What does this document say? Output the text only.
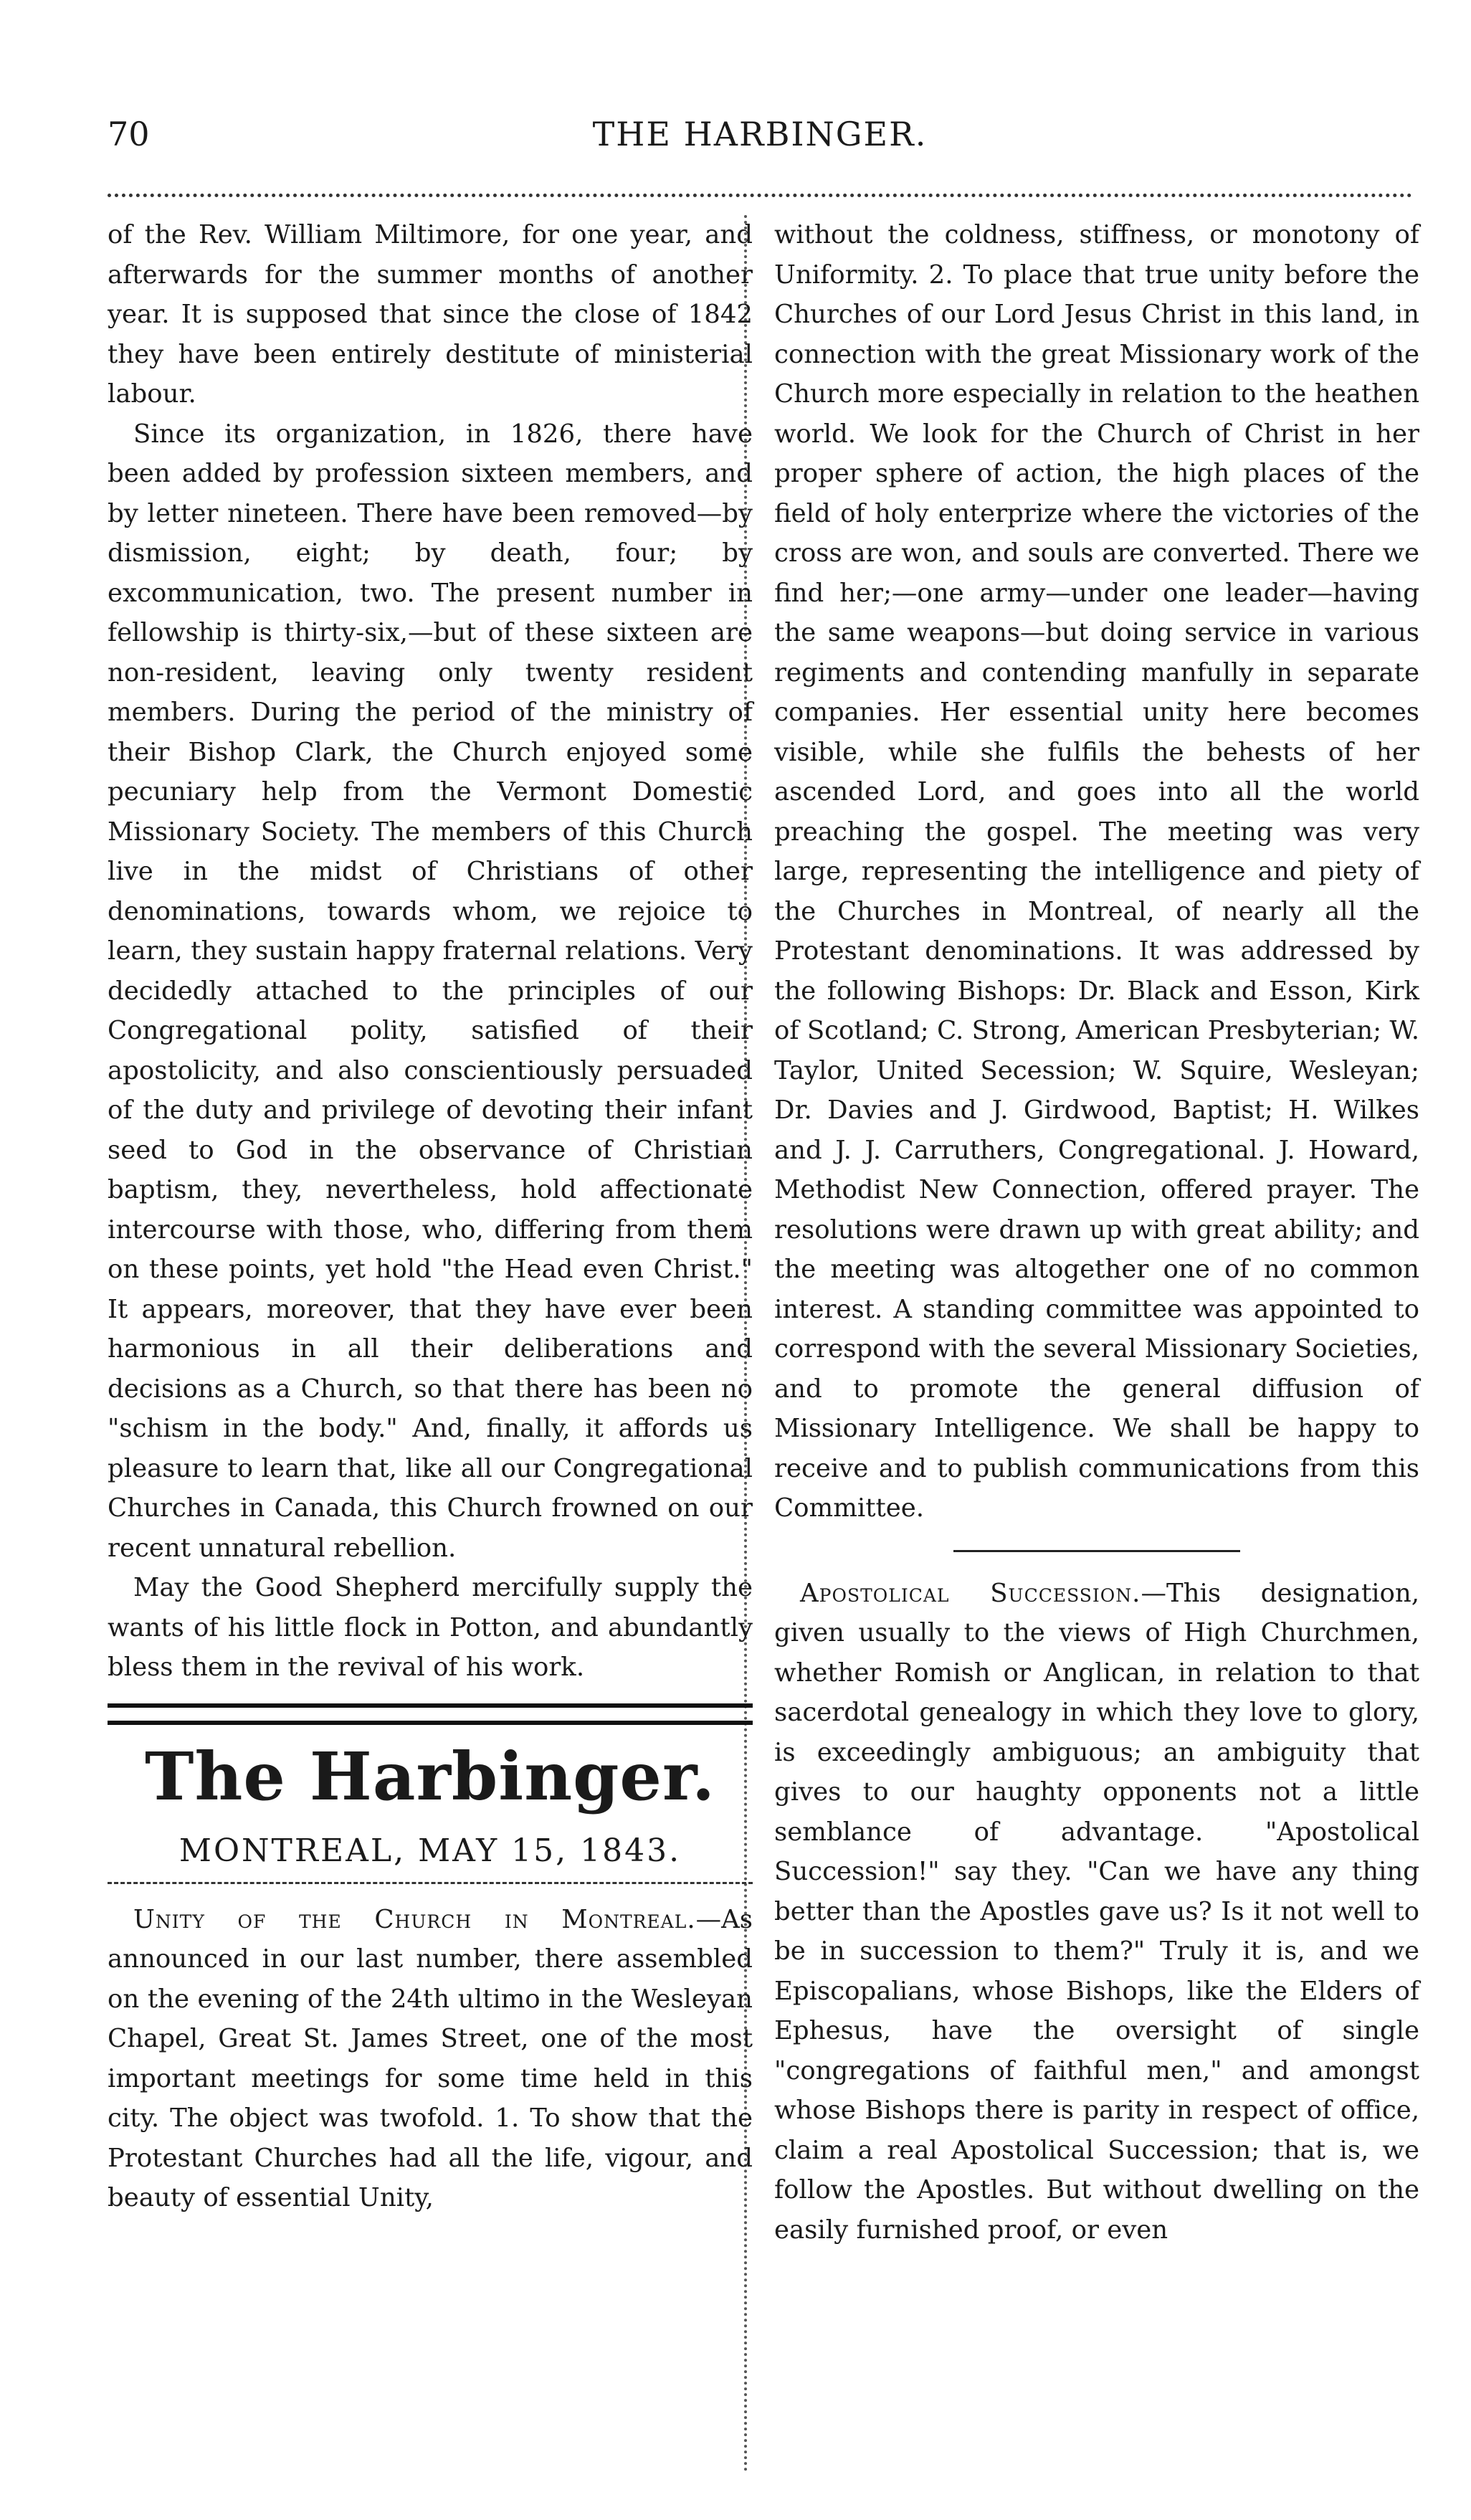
70	THE HARBINGER.

of the Rev. William Miltimore, for one year, and afterwards for the summer months of another year. It is supposed that since the close of 1842 they have been entirely destitute of ministerial labour.

Since its organization, in 1826, there have been added by profession sixteen members, and by letter nineteen. There have been removed—by dismission, eight; by death, four; by excommunication, two. The present number in fellowship is thirty-six,—but of these sixteen are non-resident, leaving only twenty resident members. During the period of the ministry of their Bishop Clark, the Church enjoyed some pecuniary help from the Vermont Domestic Missionary Society. The members of this Church live in the midst of Christians of other denominations, towards whom, we rejoice to learn, they sustain happy fraternal relations. Very decidedly attached to the principles of our Congregational polity, satisfied of their apostolicity, and also conscientiously persuaded of the duty and privilege of devoting their infant seed to God in the observance of Christian baptism, they, nevertheless, hold affectionate intercourse with those, who, differing from them on these points, yet hold "the Head even Christ." It appears, moreover, that they have ever been harmonious in all their deliberations and decisions as a Church, so that there has been no "schism in the body." And, finally, it affords us pleasure to learn that, like all our Congregational Churches in Canada, this Church frowned on our recent unnatural rebellion.

May the Good Shepherd mercifully supply the wants of his little flock in Potton, and abundantly bless them in the revival of his work.

The Harbinger.
MONTREAL, MAY 15, 1843.

Unity of the Church in Montreal.—As announced in our last number, there assembled on the evening of the 24th ultimo in the Wesleyan Chapel, Great St. James Street, one of the most important meetings for some time held in this city. The object was twofold. 1. To show that the Protestant Churches had all the life, vigour, and beauty of essential Unity,

without the coldness, stiffness, or monotony of Uniformity. 2. To place that true unity before the Churches of our Lord Jesus Christ in this land, in connection with the great Missionary work of the Church more especially in relation to the heathen world. We look for the Church of Christ in her proper sphere of action, the high places of the field of holy enterprize where the victories of the cross are won, and souls are converted. There we find her;—one army—under one leader—having the same weapons—but doing service in various regiments and contending manfully in separate companies. Her essential unity here becomes visible, while she fulfils the behests of her ascended Lord, and goes into all the world preaching the gospel. The meeting was very large, representing the intelligence and piety of the Churches in Montreal, of nearly all the Protestant denominations. It was addressed by the following Bishops: Dr. Black and Esson, Kirk of Scotland; C. Strong, American Presbyterian; W. Taylor, United Secession; W. Squire, Wesleyan; Dr. Davies and J. Girdwood, Baptist; H. Wilkes and J. J. Carruthers, Congregational. J. Howard, Methodist New Connection, offered prayer. The resolutions were drawn up with great ability; and the meeting was altogether one of no common interest. A standing committee was appointed to correspond with the several Missionary Societies, and to promote the general diffusion of Missionary Intelligence. We shall be happy to receive and to publish communications from this Committee.

Apostolical Succession.—This designation, given usually to the views of High Churchmen, whether Romish or Anglican, in relation to that sacerdotal genealogy in which they love to glory, is exceedingly ambiguous; an ambiguity that gives to our haughty opponents not a little semblance of advantage. "Apostolical Succession!" say they. "Can we have any thing better than the Apostles gave us? Is it not well to be in succession to them?" Truly it is, and we Episcopalians, whose Bishops, like the Elders of Ephesus, have the oversight of single "congregations of faithful men," and amongst whose Bishops there is parity in respect of office, claim a real Apostolical Succession; that is, we follow the Apostles. But without dwelling on the easily furnished proof, or even
